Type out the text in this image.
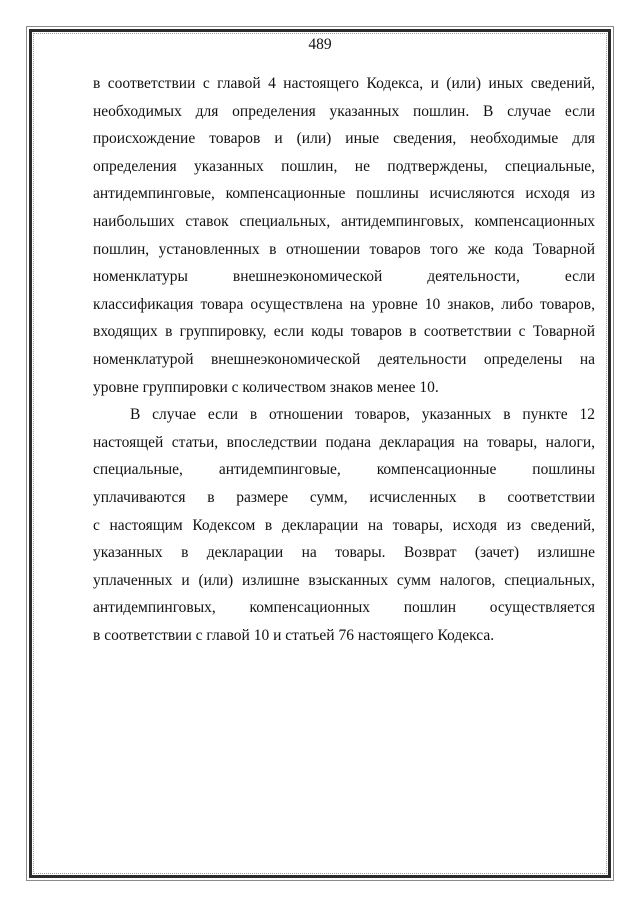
489

в соответствии с главой 4 настоящего Кодекса, и (или) иных сведений,
необходимых для определения указанных пошлин. В случае если
происхождение товаров и (или) иные сведения, необходимые для
определения указанных пошлин, не подтверждены, специальные,
антидемпинговые, компенсационные пошлины исчисляются исходя из
наибольших ставок специальных, антидемпинговых, компенсационных
пошлин, установленных в отношении товаров того же кода Товарной
номенклатуры внешнеэкономической деятельности, если
классификация товара осуществлена на уровне 10 знаков, либо товаров,
входящих в группировку, если коды товаров в соответствии с Товарной
номенклатурой внешнеэкономической деятельности определены на
уровне группировки с количеством знаков менее 10.

В случае если в отношении товаров, указанных в пункте 12
настоящей статьи, впоследствии подана декларация на товары, налоги,
специальные, антидемпинговые, компенсационные пошлины
уплачиваются в размере сумм, исчисленных в соответствии
с настоящим Кодексом в декларации на товары, исходя из сведений,
указанных в декларации на товары. Возврат (зачет) излишне
уплаченных и (или) излишне взысканных сумм налогов, специальных,
антидемпинговых, компенсационных пошлин осуществляется
в соответствии с главой 10 и статьей 76 настоящего Кодекса.
